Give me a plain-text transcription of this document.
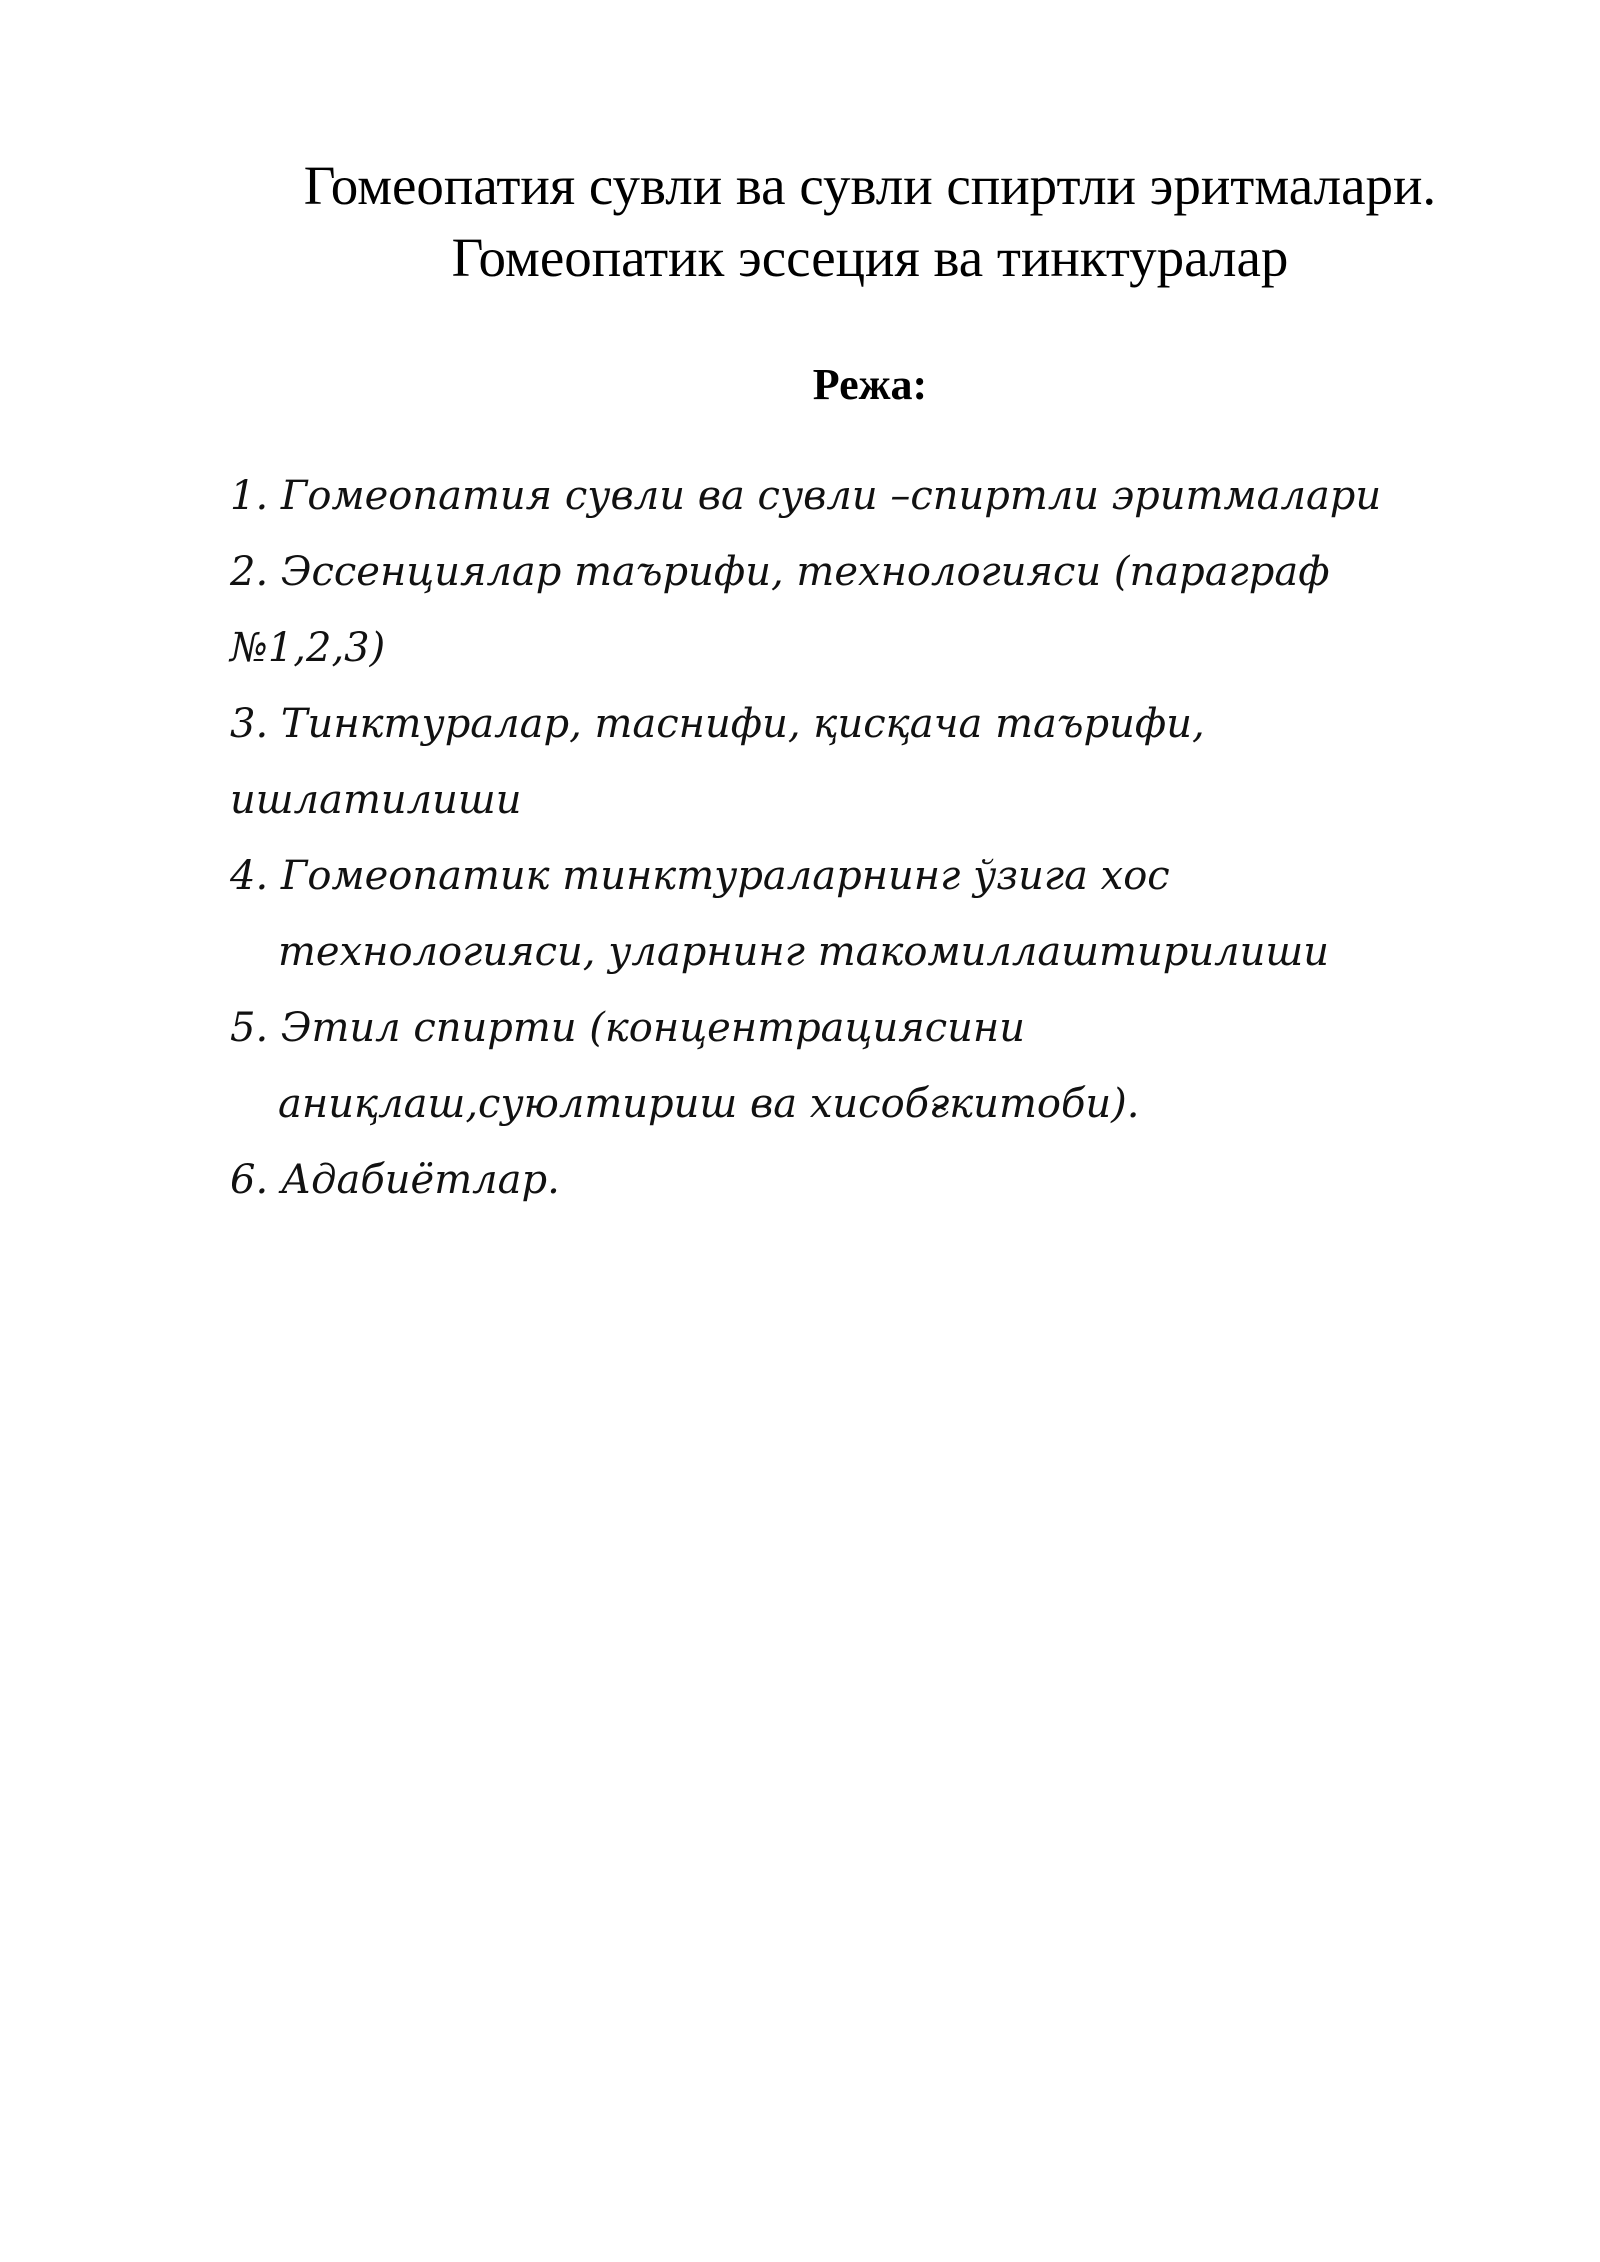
Гомеопатия сувли ва сувли спиртли эритмалари.
Гомеопатик эссеция ва тинктуралар
Режа:
1. Гомеопатия сувли ва сувли –спиртли эритмалари
2. Эссенциялар таърифи, технологияси (параграф
№1,2,3)
3. Тинктуралар, таснифи, қисқача таърифи,
ишлатилиши
4. Гомеопатик тинктураларнинг ўзига хос
технологияси, уларнинг такомиллаштирилиши
5. Этил спирти (концентрациясини
аниқлаш,суюлтириш ва хисобғкитоби).
6. Адабиётлар.
